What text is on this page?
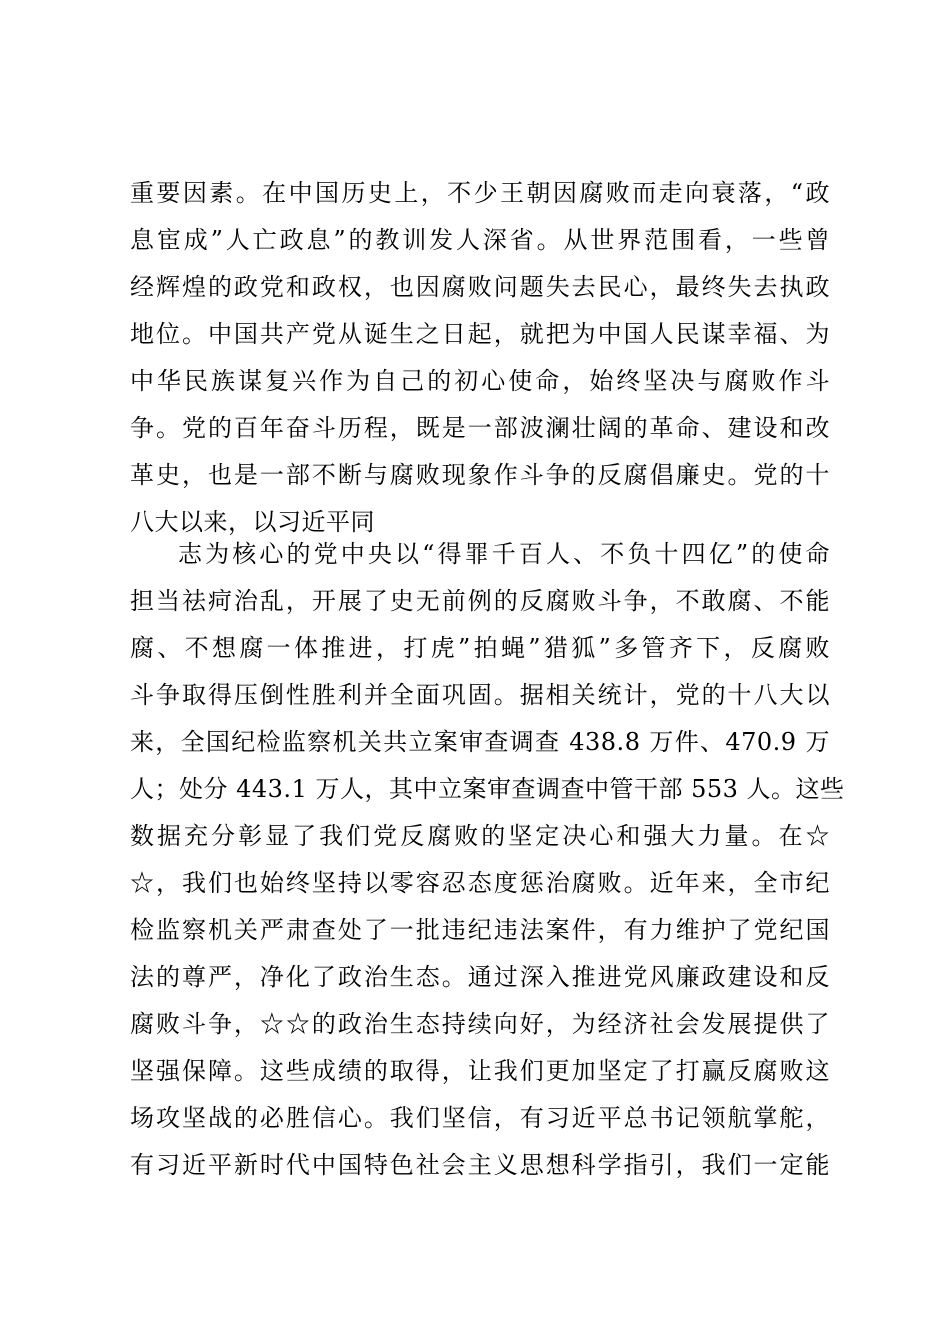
重要因素。在中国历史上，不少王朝因腐败而走向衰落，“政
息宦成”人亡政息”的教训发人深省。从世界范围看，一些曾
经辉煌的政党和政权，也因腐败问题失去民心，最终失去执政
地位。中国共产党从诞生之日起，就把为中国人民谋幸福、为
中华民族谋复兴作为自己的初心使命，始终坚决与腐败作斗
争。党的百年奋斗历程，既是一部波澜壮阔的革命、建设和改
革史，也是一部不断与腐败现象作斗争的反腐倡廉史。党的十
八大以来，以习近平同
志为核心的党中央以“得罪千百人、不负十四亿”的使命
担当祛疴治乱，开展了史无前例的反腐败斗争，不敢腐、不能
腐、不想腐一体推进，打虎”拍蝇”猎狐”多管齐下，反腐败
斗争取得压倒性胜利并全面巩固。据相关统计，党的十八大以
来，全国纪检监察机关共立案审查调查 438.8 万件、470.9 万
人；处分 443.1 万人，其中立案审查调查中管干部 553 人。这些
数据充分彰显了我们党反腐败的坚定决心和强大力量。在☆
☆，我们也始终坚持以零容忍态度惩治腐败。近年来，全市纪
检监察机关严肃查处了一批违纪违法案件，有力维护了党纪国
法的尊严，净化了政治生态。通过深入推进党风廉政建设和反
腐败斗争，☆☆的政治生态持续向好，为经济社会发展提供了
坚强保障。这些成绩的取得，让我们更加坚定了打赢反腐败这
场攻坚战的必胜信心。我们坚信，有习近平总书记领航掌舵，
有习近平新时代中国特色社会主义思想科学指引，我们一定能
